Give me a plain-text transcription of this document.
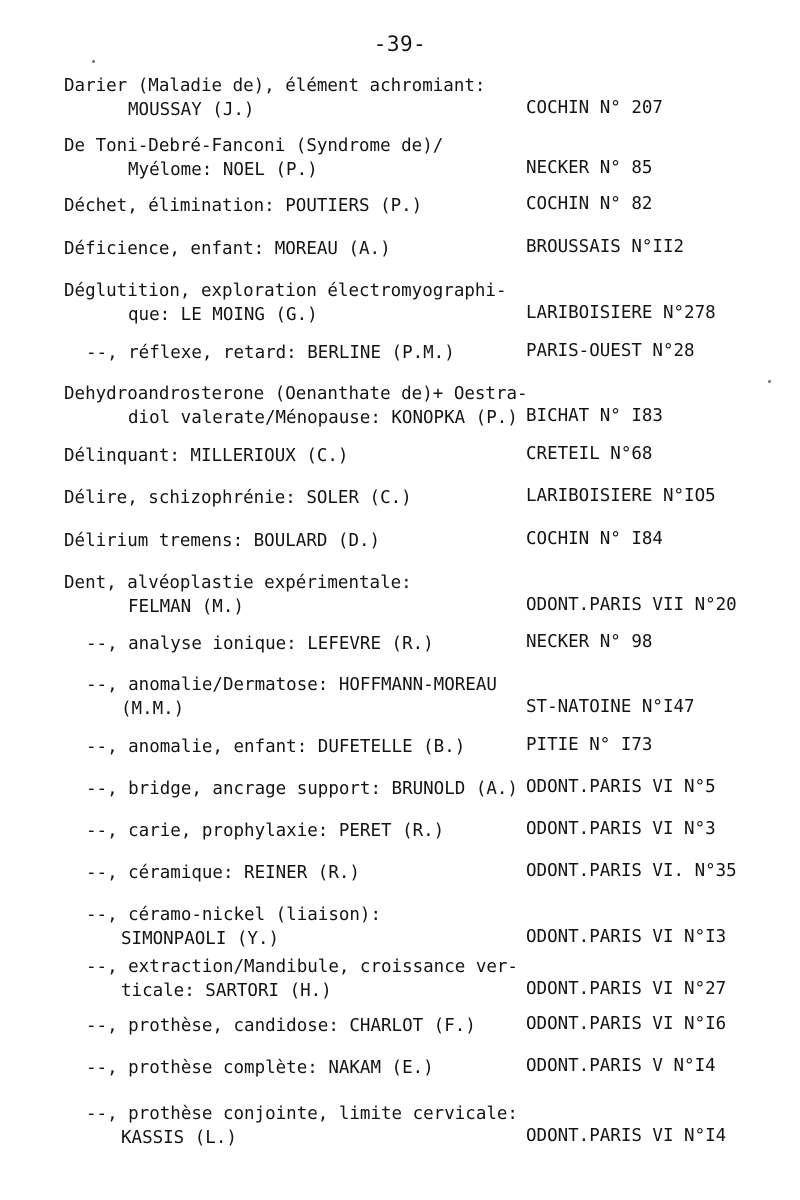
-39-
Darier (Maladie de), élément achromiant:
MOUSSAY (J.)	COCHIN N° 207
De Toni-Debré-Fanconi (Syndrome de)/
Myélome: NOEL (P.)	NECKER N° 85
Déchet, élimination: POUTIERS (P.)	COCHIN N° 82
Déficience, enfant: MOREAU (A.)	BROUSSAIS N°II2
Déglutition, exploration électromyographi-
que: LE MOING (G.)	LARIBOISIERE N°278
--, réflexe, retard: BERLINE (P.M.)	PARIS-OUEST N°28
Dehydroandrosterone (Oenanthate de)+ Oestra-
diol valerate/Ménopause: KONOPKA (P.) BICHAT N° I83
Délinquant: MILLERIOUX (C.)	CRETEIL N°68
Délire, schizophrénie: SOLER (C.)	LARIBOISIERE N°IO5
Délirium tremens: BOULARD (D.)	COCHIN N° I84
Dent, alvéoplastie expérimentale:
FELMAN (M.)	ODONT.PARIS VII N°20
--, analyse ionique: LEFEVRE (R.)	NECKER N° 98
--, anomalie/Dermatose: HOFFMANN-MOREAU
(M.M.)	ST-NATOINE N°I47
--, anomalie, enfant: DUFETELLE (B.)	PITIE N° I73
--, bridge, ancrage support: BRUNOLD (A.) ODONT.PARIS VI N°5
--, carie, prophylaxie: PERET (R.)	ODONT.PARIS VI N°3
--, céramique: REINER (R.)	ODONT.PARIS VI. N°35
--, céramo-nickel (liaison):
SIMONPAOLI (Y.)	ODONT.PARIS VI N°I3
--, extraction/Mandibule, croissance ver-
ticale: SARTORI (H.)	ODONT.PARIS VI N°27
--, prothèse, candidose: CHARLOT (F.)	ODONT.PARIS VI N°I6
--, prothèse complète: NAKAM (E.)	ODONT.PARIS V N°I4
--, prothèse conjointe, limite cervicale:
KASSIS (L.)	ODONT.PARIS VI N°I4
